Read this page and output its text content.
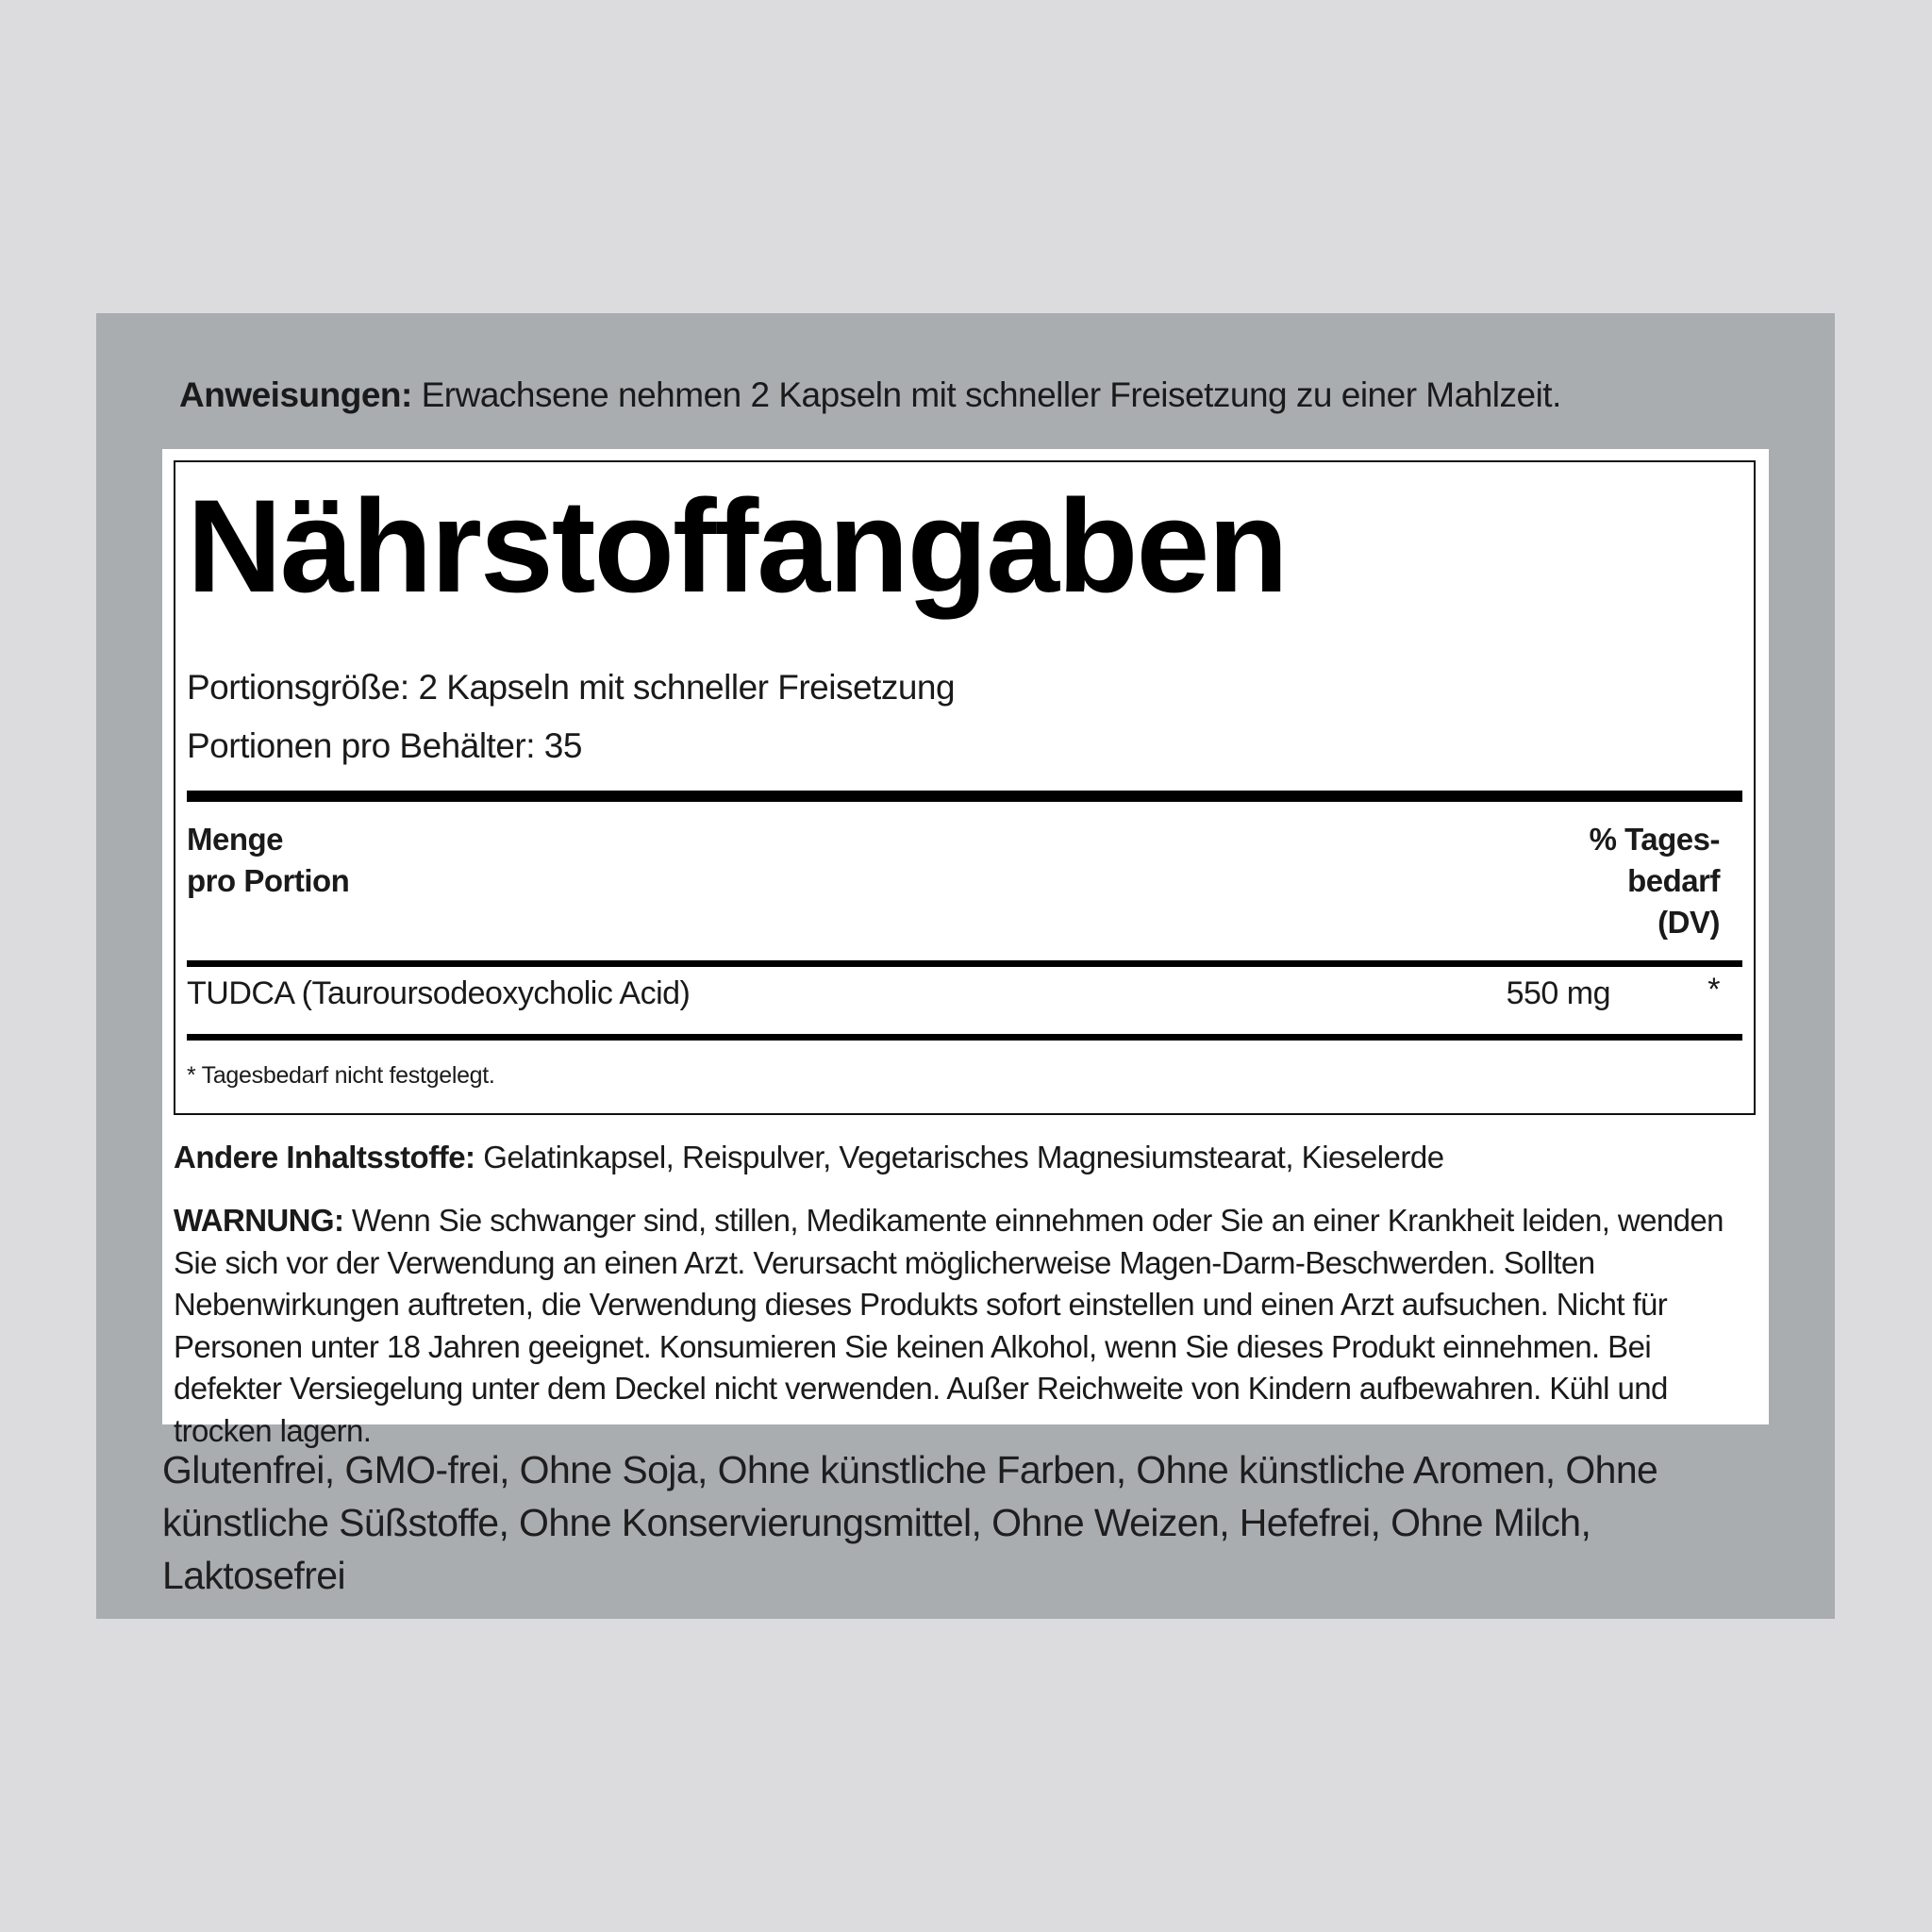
Anweisungen: Erwachsene nehmen 2 Kapseln mit schneller Freisetzung zu einer Mahlzeit.
Nährstoffangaben
Portionsgröße: 2 Kapseln mit schneller Freisetzung
Portionen pro Behälter: 35
Menge
pro Portion
% Tages-
bedarf
(DV)
TUDCA (Tauroursodeoxycholic Acid)	550 mg	*
* Tagesbedarf nicht festgelegt.
Andere Inhaltsstoffe: Gelatinkapsel, Reispulver, Vegetarisches Magnesiumstearat, Kieselerde
WARNUNG: Wenn Sie schwanger sind, stillen, Medikamente einnehmen oder Sie an einer Krankheit leiden, wenden Sie sich vor der Verwendung an einen Arzt. Verursacht möglicherweise Magen-Darm-Beschwerden. Sollten Nebenwirkungen auftreten, die Verwendung dieses Produkts sofort einstellen und einen Arzt aufsuchen. Nicht für Personen unter 18 Jahren geeignet. Konsumieren Sie keinen Alkohol, wenn Sie dieses Produkt einnehmen. Bei defekter Versiegelung unter dem Deckel nicht verwenden. Außer Reichweite von Kindern aufbewahren. Kühl und trocken lagern.
Glutenfrei, GMO-frei, Ohne Soja, Ohne künstliche Farben, Ohne künstliche Aromen, Ohne
künstliche Süßstoffe, Ohne Konservierungsmittel, Ohne Weizen, Hefefrei, Ohne Milch, Laktosefrei
